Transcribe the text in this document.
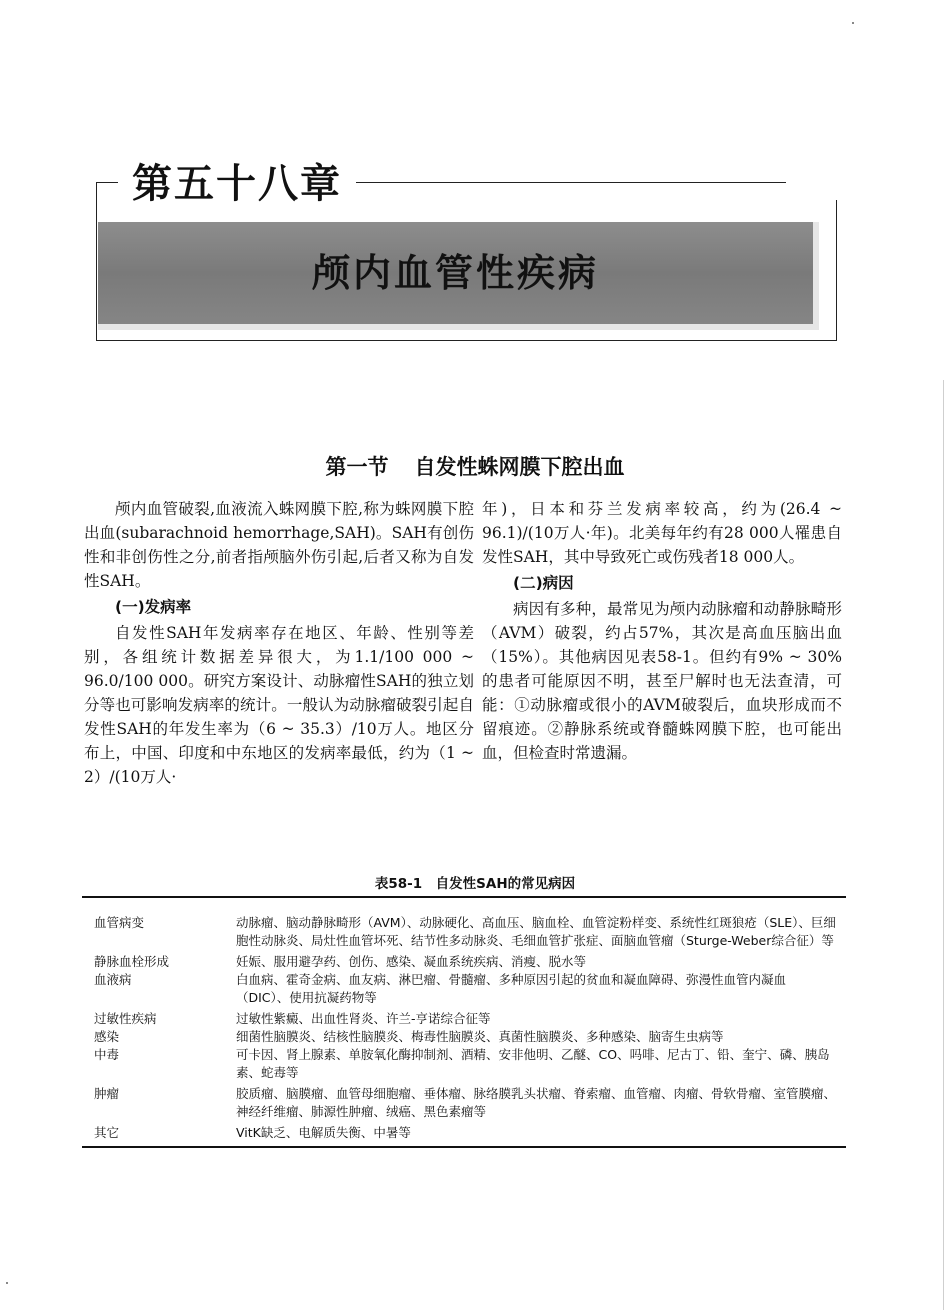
颅内血管性疾病
第五十八章
第一节 自发性蛛网膜下腔出血

颅内血管破裂,血液流入蛛网膜下腔,称为蛛网膜下腔出血(subarachnoid hemorrhage,SAH)。SAH有创伤性和非创伤性之分,前者指颅脑外伤引起,后者又称为自发性SAH。

(一)发病率

自发性SAH年发病率存在地区、年龄、性别等差别，各组统计数据差异很大，为1.1/100 000 ~ 96.0/100 000。研究方案设计、动脉瘤性SAH的独立划分等也可影响发病率的统计。一般认为动脉瘤破裂引起自发性SAH的年发生率为（6 ~ 35.3）/10万人。地区分布上，中国、印度和中东地区的发病率最低，约为（1 ~ 2）/(10万人·

年)，日本和芬兰发病率较高，约为(26.4 ~ 96.1)/(10万人·年)。北美每年约有28 000人罹患自发性SAH，其中导致死亡或伤残者18 000人。

(二)病因

病因有多种，最常见为颅内动脉瘤和动静脉畸形（AVM）破裂，约占57%，其次是高血压脑出血（15%）。其他病因见表58-1。但约有9% ~ 30%的患者可能原因不明，甚至尸解时也无法查清，可能：①动脉瘤或很小的AVM破裂后，血块形成而不留痕迹。②静脉系统或脊髓蛛网膜下腔，也可能出血，但检查时常遗漏。

表58-1　自发性SAH的常见病因
血管病变	动脉瘤、脑动静脉畸形（AVM）、动脉硬化、高血压、脑血栓、血管淀粉样变、系统性红斑狼疮（SLE）、巨细胞性动脉炎、局灶性血管坏死、结节性多动脉炎、毛细血管扩张症、面脑血管瘤（Sturge-Weber综合征）等
静脉血栓形成	妊娠、服用避孕药、创伤、感染、凝血系统疾病、消瘦、脱水等
血液病	白血病、霍奇金病、血友病、淋巴瘤、骨髓瘤、多种原因引起的贫血和凝血障碍、弥漫性血管内凝血（DIC）、使用抗凝药物等
过敏性疾病	过敏性紫癜、出血性肾炎、许兰-亨诺综合征等
感染	细菌性脑膜炎、结核性脑膜炎、梅毒性脑膜炎、真菌性脑膜炎、多种感染、脑寄生虫病等
中毒	可卡因、肾上腺素、单胺氧化酶抑制剂、酒精、安非他明、乙醚、CO、吗啡、尼古丁、铅、奎宁、磷、胰岛素、蛇毒等
肿瘤	胶质瘤、脑膜瘤、血管母细胞瘤、垂体瘤、脉络膜乳头状瘤、脊索瘤、血管瘤、肉瘤、骨软骨瘤、室管膜瘤、神经纤维瘤、肺源性肿瘤、绒癌、黑色素瘤等
其它	VitK缺乏、电解质失衡、中暑等
